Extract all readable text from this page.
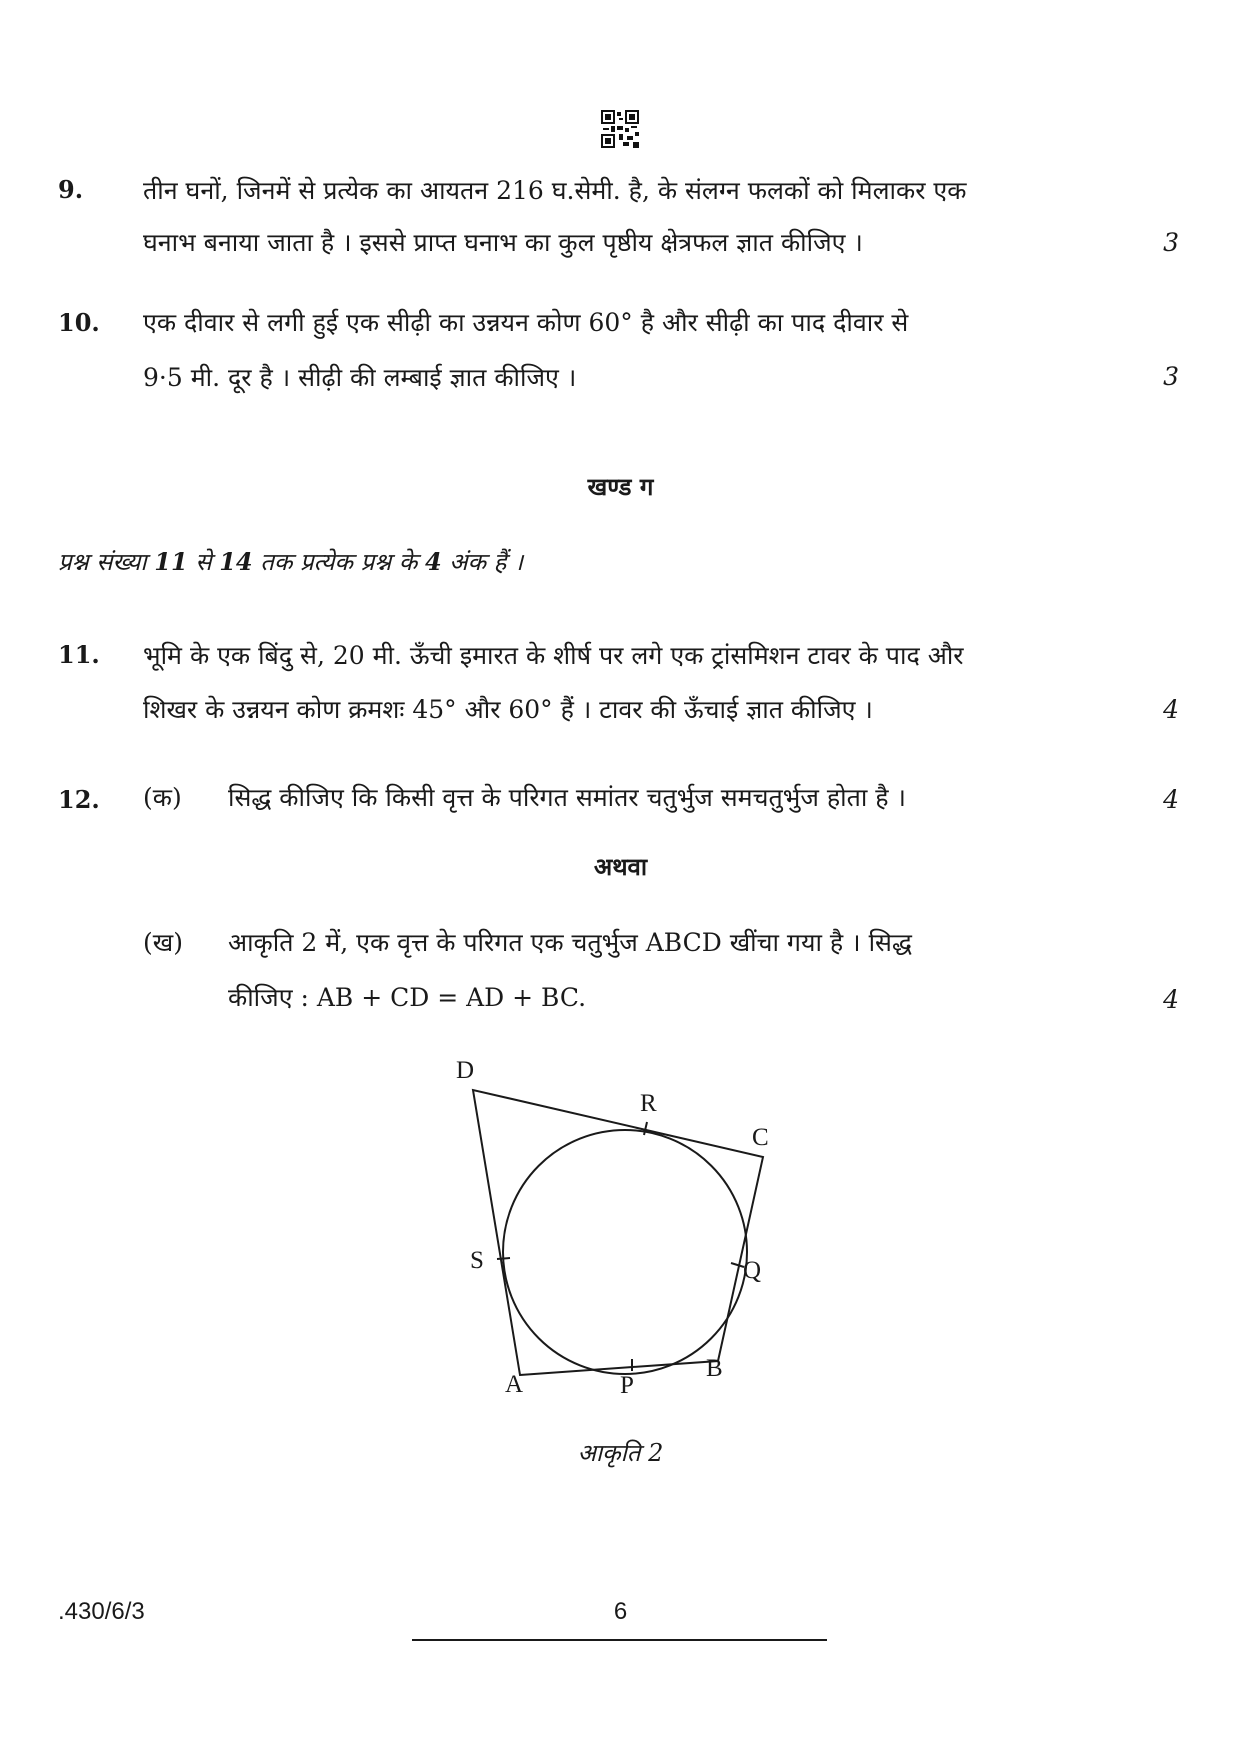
9. तीन घनों, जिनमें से प्रत्येक का आयतन 216 घ.सेमी. है, के संलग्न फलकों को मिलाकर एक
घनाभ बनाया जाता है । इससे प्राप्त घनाभ का कुल पृष्ठीय क्षेत्रफल ज्ञात कीजिए ।	3
10. एक दीवार से लगी हुई एक सीढ़ी का उन्नयन कोण 60° है और सीढ़ी का पाद दीवार से
9·5 मी. दूर है । सीढ़ी की लम्बाई ज्ञात कीजिए ।	3
खण्ड ग
प्रश्न संख्या 11 से 14 तक प्रत्येक प्रश्न के 4 अंक हैं ।
11. भूमि के एक बिंदु से, 20 मी. ऊँची इमारत के शीर्ष पर लगे एक ट्रांसमिशन टावर के पाद और
शिखर के उन्नयन कोण क्रमशः 45° और 60° हैं । टावर की ऊँचाई ज्ञात कीजिए ।	4
12. (क) सिद्ध कीजिए कि किसी वृत्त के परिगत समांतर चतुर्भुज समचतुर्भुज होता है ।	4
अथवा
(ख) आकृति 2 में, एक वृत्त के परिगत एक चतुर्भुज ABCD खींचा गया है । सिद्ध
कीजिए : AB + CD = AD + BC.	4
D
C
B
A	P
Q
R
S
आकृति 2
.430/6/3	6
